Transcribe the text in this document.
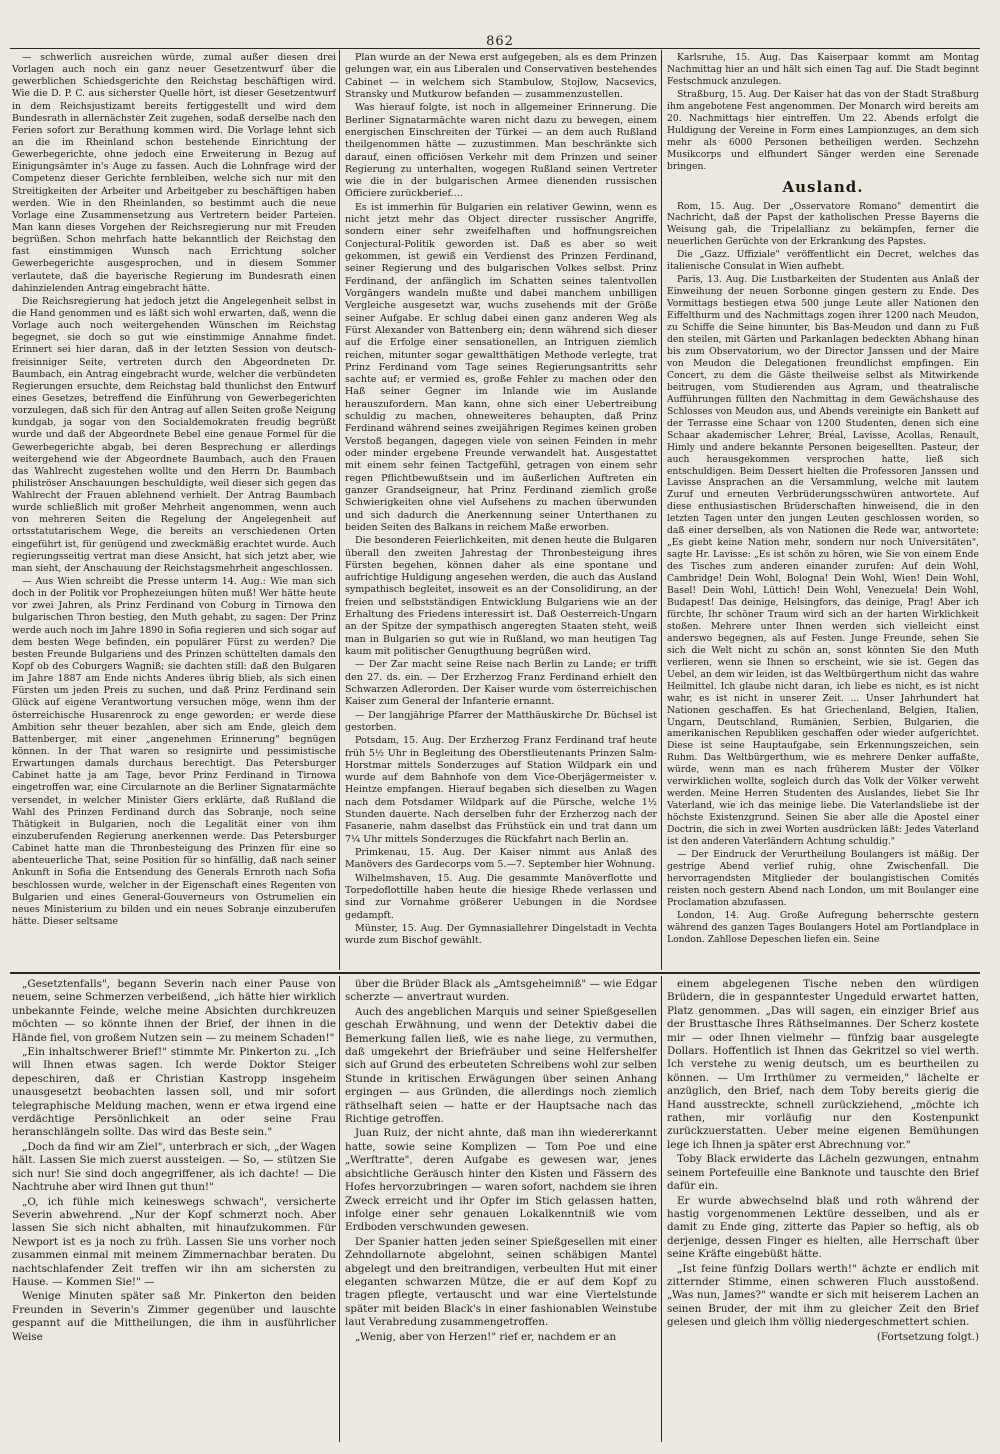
862

— schwerlich ausreichen würde, zumal außer diesen drei Vorlagen auch noch ein ganz neuer Gesetzentwurf über die gewerblichen Schiedsgerichte den Reichstag beschäftigen wird. Wie die D. P. C. aus sicherster Quelle hört, ist dieser Gesetzentwurf in dem Reichsjustizamt bereits fertiggestellt und wird dem Bundesrath in allernächster Zeit zugehen, sodaß derselbe nach den Ferien sofort zur Berathung kommen wird. Die Vorlage lehnt sich an die im Rheinland schon bestehende Einrichtung der Gewerbegerichte, ohne jedoch eine Erweiterung in Bezug auf Einigungsämter in's Auge zu fassen. Auch die Lohnfrage wird der Competenz dieser Gerichte fernbleiben, welche sich nur mit den Streitigkeiten der Arbeiter und Arbeitgeber zu beschäftigen haben werden. Wie in den Rheinlanden, so bestimmt auch die neue Vorlage eine Zusammensetzung aus Vertretern beider Parteien. Man kann dieses Vorgehen der Reichsregierung nur mit Freuden begrüßen. Schon mehrfach hatte bekanntlich der Reichstag den fast einstimmigen Wunsch nach Errichtung solcher Gewerbegerichte ausgesprochen, und in diesem Sommer verlautete, daß die bayerische Regierung im Bundesrath einen dahinzielenden Antrag eingebracht hätte.

Die Reichsregierung hat jedoch jetzt die Angelegenheit selbst in die Hand genommen und es läßt sich wohl erwarten, daß, wenn die Vorlage auch noch weitergehenden Wünschen im Reichstag begegnet, sie doch so gut wie einstimmige Annahme findet. Erinnert sei hier daran, daß in der letzten Session von deutsch-freisinniger Seite, vertreten durch den Abgeordneten Dr. Baumbach, ein Antrag eingebracht wurde, welcher die verbündeten Regierungen ersuchte, dem Reichstag bald thunlichst den Entwurf eines Gesetzes, betreffend die Einführung von Gewerbegerichten vorzulegen, daß sich für den Antrag auf allen Seiten große Neigung kundgab, ja sogar von den Socialdemokraten freudig begrüßt wurde und daß der Abgeordnete Bebel eine genaue Formel für die Gewerbegerichte abgab, bei deren Besprechung er allerdings weitergehend wie der Abgeordnete Baumbach, auch den Frauen das Wahlrecht zugestehen wollte und den Herrn Dr. Baumbach philiströser Anschauungen beschuldigte, weil dieser sich gegen das Wahlrecht der Frauen ablehnend verhielt. Der Antrag Baumbach wurde schließlich mit großer Mehrheit angenommen, wenn auch von mehreren Seiten die Regelung der Angelegenheit auf ortsstatutarischem Wege, die bereits an verschiedenen Orten eingeführt ist, für genügend und zweckmäßig erachtet wurde. Auch regierungsseitig vertrat man diese Ansicht, hat sich jetzt aber, wie man sieht, der Anschauung der Reichstagsmehrheit angeschlossen.

— Aus Wien schreibt die Presse unterm 14. Aug.: Wie man sich doch in der Politik vor Prophezeiungen hüten muß! Wer hätte heute vor zwei Jahren, als Prinz Ferdinand von Coburg in Tirnowa den bulgarischen Thron bestieg, den Muth gehabt, zu sagen: Der Prinz werde auch noch im Jahre 1890 in Sofia regieren und sich sogar auf dem besten Wege befinden, ein populärer Fürst zu werden? Die besten Freunde Bulgariens und des Prinzen schüttelten damals den Kopf ob des Coburgers Wagniß; sie dachten still: daß den Bulgaren im Jahre 1887 am Ende nichts Anderes übrig blieb, als sich einen Fürsten um jeden Preis zu suchen, und daß Prinz Ferdinand sein Glück auf eigene Verantwortung versuchen möge, wenn ihm der österreichische Husarenrock zu enge geworden; er werde diese Ambition sehr theuer bezahlen, aber sich am Ende, gleich dem Battenberger, mit einer „angenehmen Erinnerung" begnügen können. In der That waren so resignirte und pessimistische Erwartungen damals durchaus berechtigt. Das Petersburger Cabinet hatte ja am Tage, bevor Prinz Ferdinand in Tirnowa eingetroffen war, eine Circularnote an die Berliner Signatarmächte versendet, in welcher Minister Giers erklärte, daß Rußland die Wahl des Prinzen Ferdinand durch das Sobranje, noch seine Thätigkeit in Bulgarien, noch die Legalität einer von ihm einzuberufenden Regierung anerkennen werde. Das Petersburger Cabinet hatte man die Thronbesteigung des Prinzen für eine so abenteuerliche That, seine Position für so hinfällig, daß nach seiner Ankunft in Sofia die Entsendung des Generals Ernroth nach Sofia beschlossen wurde, welcher in der Eigenschaft eines Regenten von Bulgarien und eines General-Gouverneurs von Ostrumelien ein neues Ministerium zu bilden und ein neues Sobranje einzuberufen hätte. Dieser seltsame

Plan wurde an der Newa erst aufgegeben, als es dem Prinzen gelungen war, ein aus Liberalen und Conservativen bestehendes Cabinet — in welchem sich Stambulow, Stojlow, Nacsevics, Stransky und Mutkurow befanden — zusammenzustellen.

Was hierauf folgte, ist noch in allgemeiner Erinnerung. Die Berliner Signatarmächte waren nicht dazu zu bewegen, einem energischen Einschreiten der Türkei — an dem auch Rußland theilgenommen hätte — zuzustimmen. Man beschränkte sich darauf, einen officiösen Verkehr mit dem Prinzen und seiner Regierung zu unterhalten, wogegen Rußland seinen Vertreter wie die in der bulgarischen Armee dienenden russischen Officiere zurückberief....

Es ist immerhin für Bulgarien ein relativer Gewinn, wenn es nicht jetzt mehr das Object directer russischer Angriffe, sondern einer sehr zweifelhaften und hoffnungsreichen Conjectural-Politik geworden ist. Daß es aber so weit gekommen, ist gewiß ein Verdienst des Prinzen Ferdinand, seiner Regierung und des bulgarischen Volkes selbst. Prinz Ferdinand, der anfänglich im Schatten seines talentvollen Vorgängers wandeln mußte und dabei manchem unbilligen Vergleiche ausgesetzt war, wuchs zusehends mit der Größe seiner Aufgabe. Er schlug dabei einen ganz anderen Weg als Fürst Alexander von Battenberg ein; denn während sich dieser auf die Erfolge einer sensationellen, an Intriguen ziemlich reichen, mitunter sogar gewaltthätigen Methode verlegte, trat Prinz Ferdinand vom Tage seines Regierungsantritts sehr sachte auf; er vermied es, große Fehler zu machen oder den Haß seiner Gegner im Inlande wie im Auslande herauszufordern. Man kann, ohne sich einer Uebertreibung schuldig zu machen, ohneweiteres behaupten, daß Prinz Ferdinand während seines zweijährigen Regimes keinen groben Verstoß begangen, dagegen viele von seinen Feinden in mehr oder minder ergebene Freunde verwandelt hat. Ausgestattet mit einem sehr feinen Tactgefühl, getragen von einem sehr regen Pflichtbewußtsein und im äußerlichen Auftreten ein ganzer Grandseigneur, hat Prinz Ferdinand ziemlich große Schwierigkeiten ohne viel Aufsehens zu machen überwunden und sich dadurch die Anerkennung seiner Unterthanen zu beiden Seiten des Balkans in reichem Maße erworben.

Die besonderen Feierlichkeiten, mit denen heute die Bulgaren überall den zweiten Jahrestag der Thronbesteigung ihres Fürsten begehen, können daher als eine spontane und aufrichtige Huldigung angesehen werden, die auch das Ausland sympathisch begleitet, insoweit es an der Consolidirung, an der freien und selbstständigen Entwicklung Bulgariens wie an der Erhaltung des Friedens interessirt ist. Daß Oesterreich-Ungarn an der Spitze der sympathisch angeregten Staaten steht, weiß man in Bulgarien so gut wie in Rußland, wo man heutigen Tag kaum mit politischer Genugthuung begrüßen wird.

— Der Zar macht seine Reise nach Berlin zu Lande; er trifft den 27. ds. ein. — Der Erzherzog Franz Ferdinand erhielt den Schwarzen Adlerorden. Der Kaiser wurde vom österreichischen Kaiser zum General der Infanterie ernannt.

— Der langjährige Pfarrer der Matthäuskirche Dr. Büchsel ist gestorben.

Potsdam, 15. Aug. Der Erzherzog Franz Ferdinand traf heute früh 5½ Uhr in Begleitung des Oberstlieutenants Prinzen Salm-Horstmar mittels Sonderzuges auf Station Wildpark ein und wurde auf dem Bahnhofe von dem Vice-Oberjägermeister v. Heintze empfangen. Hierauf begaben sich dieselben zu Wagen nach dem Potsdamer Wildpark auf die Pürsche, welche 1½ Stunden dauerte. Nach derselben fuhr der Erzherzog nach der Fasanerie, nahm daselbst das Frühstück ein und trat dann um 7¼ Uhr mittels Sonderzuges die Rückfahrt nach Berlin an.

Primkenau, 15. Aug. Der Kaiser nimmt aus Anlaß des Manövers des Gardecorps vom 5.—7. September hier Wohnung.

Wilhelmshaven, 15. Aug. Die gesammte Manöverflotte und Torpedoflottille haben heute die hiesige Rhede verlassen und sind zur Vornahme größerer Uebungen in die Nordsee gedampft.

Münster, 15. Aug. Der Gymnasiallehrer Dingelstadt in Vechta wurde zum Bischof gewählt.

Karlsruhe, 15. Aug. Das Kaiserpaar kommt am Montag Nachmittag hier an und hält sich einen Tag auf. Die Stadt beginnt Festschmuck anzulegen.

Straßburg, 15. Aug. Der Kaiser hat das von der Stadt Straßburg ihm angebotene Fest angenommen. Der Monarch wird bereits am 20. Nachmittags hier eintreffen. Um 22. Abends erfolgt die Huldigung der Vereine in Form eines Lampionzuges, an dem sich mehr als 6000 Personen betheiligen werden. Sechzehn Musikcorps und elfhundert Sänger werden eine Serenade bringen.

Ausland.

Rom, 15. Aug. Der „Osservatore Romano" dementirt die Nachricht, daß der Papst der katholischen Presse Bayerns die Weisung gab, die Tripelallianz zu bekämpfen, ferner die neuerlichen Gerüchte von der Erkrankung des Papstes.

Die „Gazz. Uffiziale" veröffentlicht ein Decret, welches das italienische Consulat in Wien aufhebt.

Paris, 13. Aug. Die Lustbarkeiten der Studenten aus Anlaß der Einweihung der neuen Sorbonne gingen gestern zu Ende. Des Vormittags bestiegen etwa 500 junge Leute aller Nationen den Eiffelthurm und des Nachmittags zogen ihrer 1200 nach Meudon, zu Schiffe die Seine hinunter, bis Bas-Meudon und dann zu Fuß den steilen, mit Gärten und Parkanlagen bedeckten Abhang hinan bis zum Observatorium, wo der Director Janssen und der Maire von Meudon die Delegationen freundlichst empfingen. Ein Concert, zu dem die Gäste theilweise selbst als Mitwirkende beitrugen, vom Studierenden aus Agram, und theatralische Aufführungen füllten den Nachmittag in dem Gewächshause des Schlosses von Meudon aus, und Abends vereinigte ein Bankett auf der Terrasse eine Schaar von 1200 Studenten, denen sich eine Schaar akademischer Lehrer, Bréal, Lavisse, Acollas, Renault, Himly und andere bekannte Personen beigesellten. Pasteur, der auch herausgekommen versprochen hatte, ließ sich entschuldigen. Beim Dessert hielten die Professoren Janssen und Lavisse Ansprachen an die Versammlung, welche mit lautem Zuruf und erneuten Verbrüderungsschwüren antwortete. Auf diese enthusiastischen Brüderschaften hinweisend, die in den letzten Tagen unter den jungen Leuten geschlossen worden, so daß einer derselben, als von Nationen die Rede war, antwortete: „Es giebt keine Nation mehr, sondern nur noch Universitäten", sagte Hr. Lavisse: „Es ist schön zu hören, wie Sie von einem Ende des Tisches zum anderen einander zurufen: Auf dein Wohl, Cambridge! Dein Wohl, Bologna! Dein Wohl, Wien! Dein Wohl, Basel! Dein Wohl, Lüttich! Dein Wohl, Venezuela! Dein Wohl, Budapest! Das deinige, Helsingfors, das deinige, Prag! Aber ich fürchte, Ihr schöner Traum wird sich an der harten Wirklichkeit stoßen. Mehrere unter Ihnen werden sich vielleicht einst anderswo begegnen, als auf Festen. Junge Freunde, sehen Sie sich die Welt nicht zu schön an, sonst könnten Sie den Muth verlieren, wenn sie Ihnen so erscheint, wie sie ist. Gegen das Uebel, an dem wir leiden, ist das Weltbürgerthum nicht das wahre Heilmittel. Ich glaube nicht daran, ich liebe es nicht, es ist nicht wahr, es ist nicht in unserer Zeit. ... Unser Jahrhundert hat Nationen geschaffen. Es hat Griechenland, Belgien, Italien, Ungarn, Deutschland, Rumänien, Serbien, Bulgarien, die amerikanischen Republiken geschaffen oder wieder aufgerichtet. Diese ist seine Hauptaufgabe, sein Erkennungszeichen, sein Ruhm. Das Weltbürgerthum, wie es mehrere Denker auffaßte, würde, wenn man es nach früherem Muster der Völker verwirklichen wollte, sogleich durch das Volk der Völker verweht werden. Meine Herren Studenten des Auslandes, liebet Sie Ihr Vaterland, wie ich das meinige liebe. Die Vaterlandsliebe ist der höchste Existenzgrund. Seinen Sie aber alle die Apostel einer Doctrin, die sich in zwei Worten ausdrücken läßt: Jedes Vaterland ist den anderen Vaterländern Achtung schuldig."

— Der Eindruck der Verurtheilung Boulangers ist mäßig. Der gestrige Abend verlief ruhig, ohne Zwischenfall. Die hervorragendsten Mitglieder der boulangistischen Comités reisten noch gestern Abend nach London, um mit Boulanger eine Proclamation abzufassen.

London, 14. Aug. Große Aufregung beherrschte gestern während des ganzen Tages Boulangers Hotel am Portlandplace in London. Zahllose Depeschen liefen ein. Seine

„Gesetztenfalls", begann Severin nach einer Pause von neuem, seine Schmerzen verbeißend, „ich hätte hier wirklich unbekannte Feinde, welche meine Absichten durchkreuzen möchten — so könnte ihnen der Brief, der ihnen in die Hände fiel, von großem Nutzen sein — zu meinem Schaden!"

„Ein inhaltschwerer Brief!" stimmte Mr. Pinkerton zu. „Ich will Ihnen etwas sagen. Ich werde Doktor Steiger depeschiren, daß er Christian Kastropp insgeheim unausgesetzt beobachten lassen soll, und mir sofort telegraphische Meldung machen, wenn er etwa irgend eine verdächtige Persönlichkeit an oder seine Frau heranschlängeln sollte. Das wird das Beste sein."

„Doch da find wir am Ziel", unterbrach er sich, „der Wagen hält. Lassen Sie mich zuerst aussteigen. — So, — stützen Sie sich nur! Sie sind doch angegriffener, als ich dachte! — Die Nachtruhe aber wird Ihnen gut thun!"

„O, ich fühle mich keineswegs schwach", versicherte Severin abwehrend. „Nur der Kopf schmerzt noch. Aber lassen Sie sich nicht abhalten, mit hinaufzukommen. Für Newport ist es ja noch zu früh. Lassen Sie uns vorher noch zusammen einmal mit meinem Zimmernachbar beraten. Du nachtschlafender Zeit treffen wir ihn am sichersten zu Hause. — Kommen Sie!" —

Wenige Minuten später saß Mr. Pinkerton den beiden Freunden in Severin's Zimmer gegenüber und lauschte gespannt auf die Mittheilungen, die ihm in ausführlicher Weise

über die Brüder Black als „Amtsgeheimniß" — wie Edgar scherzte — anvertraut wurden.

Auch des angeblichen Marquis und seiner Spießgesellen geschah Erwähnung, und wenn der Detektiv dabei die Bemerkung fallen ließ, wie es nahe liege, zu vermuthen, daß umgekehrt der Briefräuber und seine Helfershelfer sich auf Grund des erbeuteten Schreibens wohl zur selben Stunde in kritischen Erwägungen über seinen Anhang ergingen — aus Gründen, die allerdings noch ziemlich räthselhaft seien — hatte er der Hauptsache nach das Richtige getroffen.

Juan Ruiz, der nicht ahnte, daß man ihn wiedererkannt hatte, sowie seine Komplizen — Tom Poe und eine „Werftratte", deren Aufgabe es gewesen war, jenes absichtliche Geräusch hinter den Kisten und Fässern des Hofes hervorzubringen — waren sofort, nachdem sie ihren Zweck erreicht und ihr Opfer im Stich gelassen hatten, infolge einer sehr genauen Lokalkenntniß wie vom Erdboden verschwunden gewesen.

Der Spanier hatten jeden seiner Spießgesellen mit einer Zehndollarnote abgelohnt, seinen schäbigen Mantel abgelegt und den breitrandigen, verbeulten Hut mit einer eleganten schwarzen Mütze, die er auf dem Kopf zu tragen pflegte, vertauscht und war eine Viertelstunde später mit beiden Black's in einer fashionablen Weinstube laut Verabredung zusammengetroffen.

„Wenig, aber von Herzen!" rief er, nachdem er an

einem abgelegenen Tische neben den würdigen Brüdern, die in gespanntester Ungeduld erwartet hatten, Platz genommen. „Das will sagen, ein einziger Brief aus der Brusttasche Ihres Räthselmannes. Der Scherz kostete mir — oder Ihnen vielmehr — fünfzig baar ausgelegte Dollars. Hoffentlich ist Ihnen das Gekritzel so viel werth. Ich verstehe zu wenig deutsch, um es beurtheilen zu können. — Um Irrthümer zu vermeiden," lächelte er anzüglich, den Brief, nach dem Toby bereits gierig die Hand ausstreckte, schnell zurückziehend, „möchte ich rathen, mir vorläufig nur den Kostenpunkt zurückzuerstatten. Ueber meine eigenen Bemühungen lege ich Ihnen ja später erst Abrechnung vor."

Toby Black erwiderte das Lächeln gezwungen, entnahm seinem Portefeuille eine Banknote und tauschte den Brief dafür ein.

Er wurde abwechselnd blaß und roth während der hastig vorgenommenen Lektüre desselben, und als er damit zu Ende ging, zitterte das Papier so heftig, als ob derjenige, dessen Finger es hielten, alle Herrschaft über seine Kräfte eingebüßt hätte.

„Ist feine fünfzig Dollars werth!" ächzte er endlich mit zitternder Stimme, einen schweren Fluch ausstoßend. „Was nun, James?" wandte er sich mit heiserem Lachen an seinen Bruder, der mit ihm zu gleicher Zeit den Brief gelesen und gleich ihm völlig niedergeschmettert schien.

(Fortsetzung folgt.)
